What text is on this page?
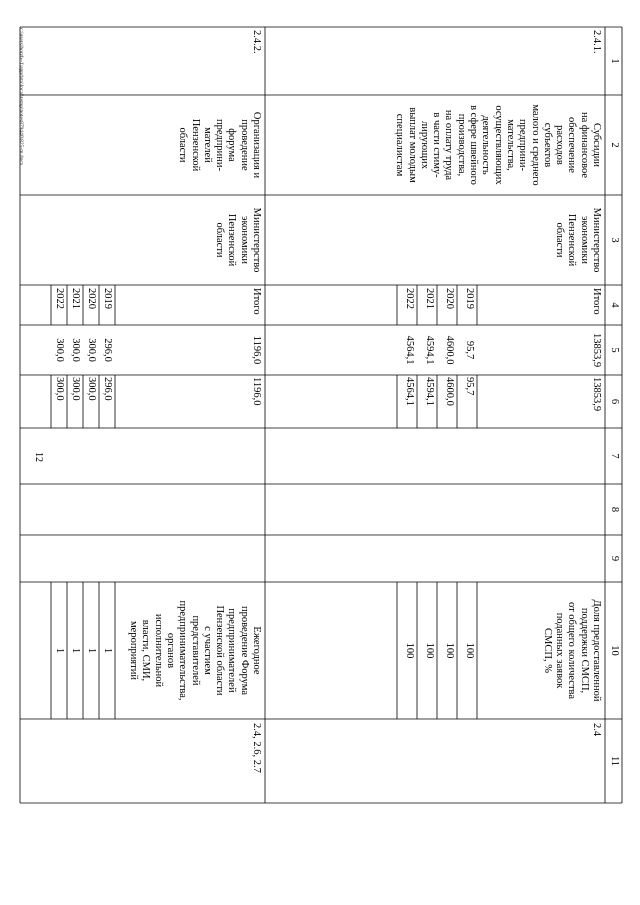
12
1
2
3
4
5
6
7
8
9
10
11
2.4.1.
Субсидии
на финансовое
обеспечение
расходов
субъектов
малого и среднего
предприни-
мательства,
осуществляющих
деятельность
в сфере швейного
производства,
на оплату труда
в части стиму-
лирующих
выплат молодым
специалистам
Министерство
экономики
Пензенской
области
Итого
13853,9
13853,9
Доля предоставленной
поддержки СМСП,
от общего количества
поданных заявок
СМСП, %
2.4
2019
95,7
95,7
100
2020
4600,0
4600,0
100
2021
4594,1
4594,1
100
2022
4564,1
4564,1
100
2.4.2.
Организация и
проведение
форума
предприни-
мателей
Пензенской
области
Министерство
экономики
Пензенской
области
Итого
1196,0
1196,0
Ежегодное
проведение Форума
предпринимателей
Пензенской области
с участием
представителей
предпринимательства,
органов
исполнительной
власти, СМИ,
мероприятий
2.4, 2.6, 2.7
2019
296,0
296,0
1
2020
300,0
300,0
1
2021
300,0
300,0
1
2022
300,0
300,0
1
c:\users\borzh~1\appdata\local\temp\notes879440\825-m.docx
